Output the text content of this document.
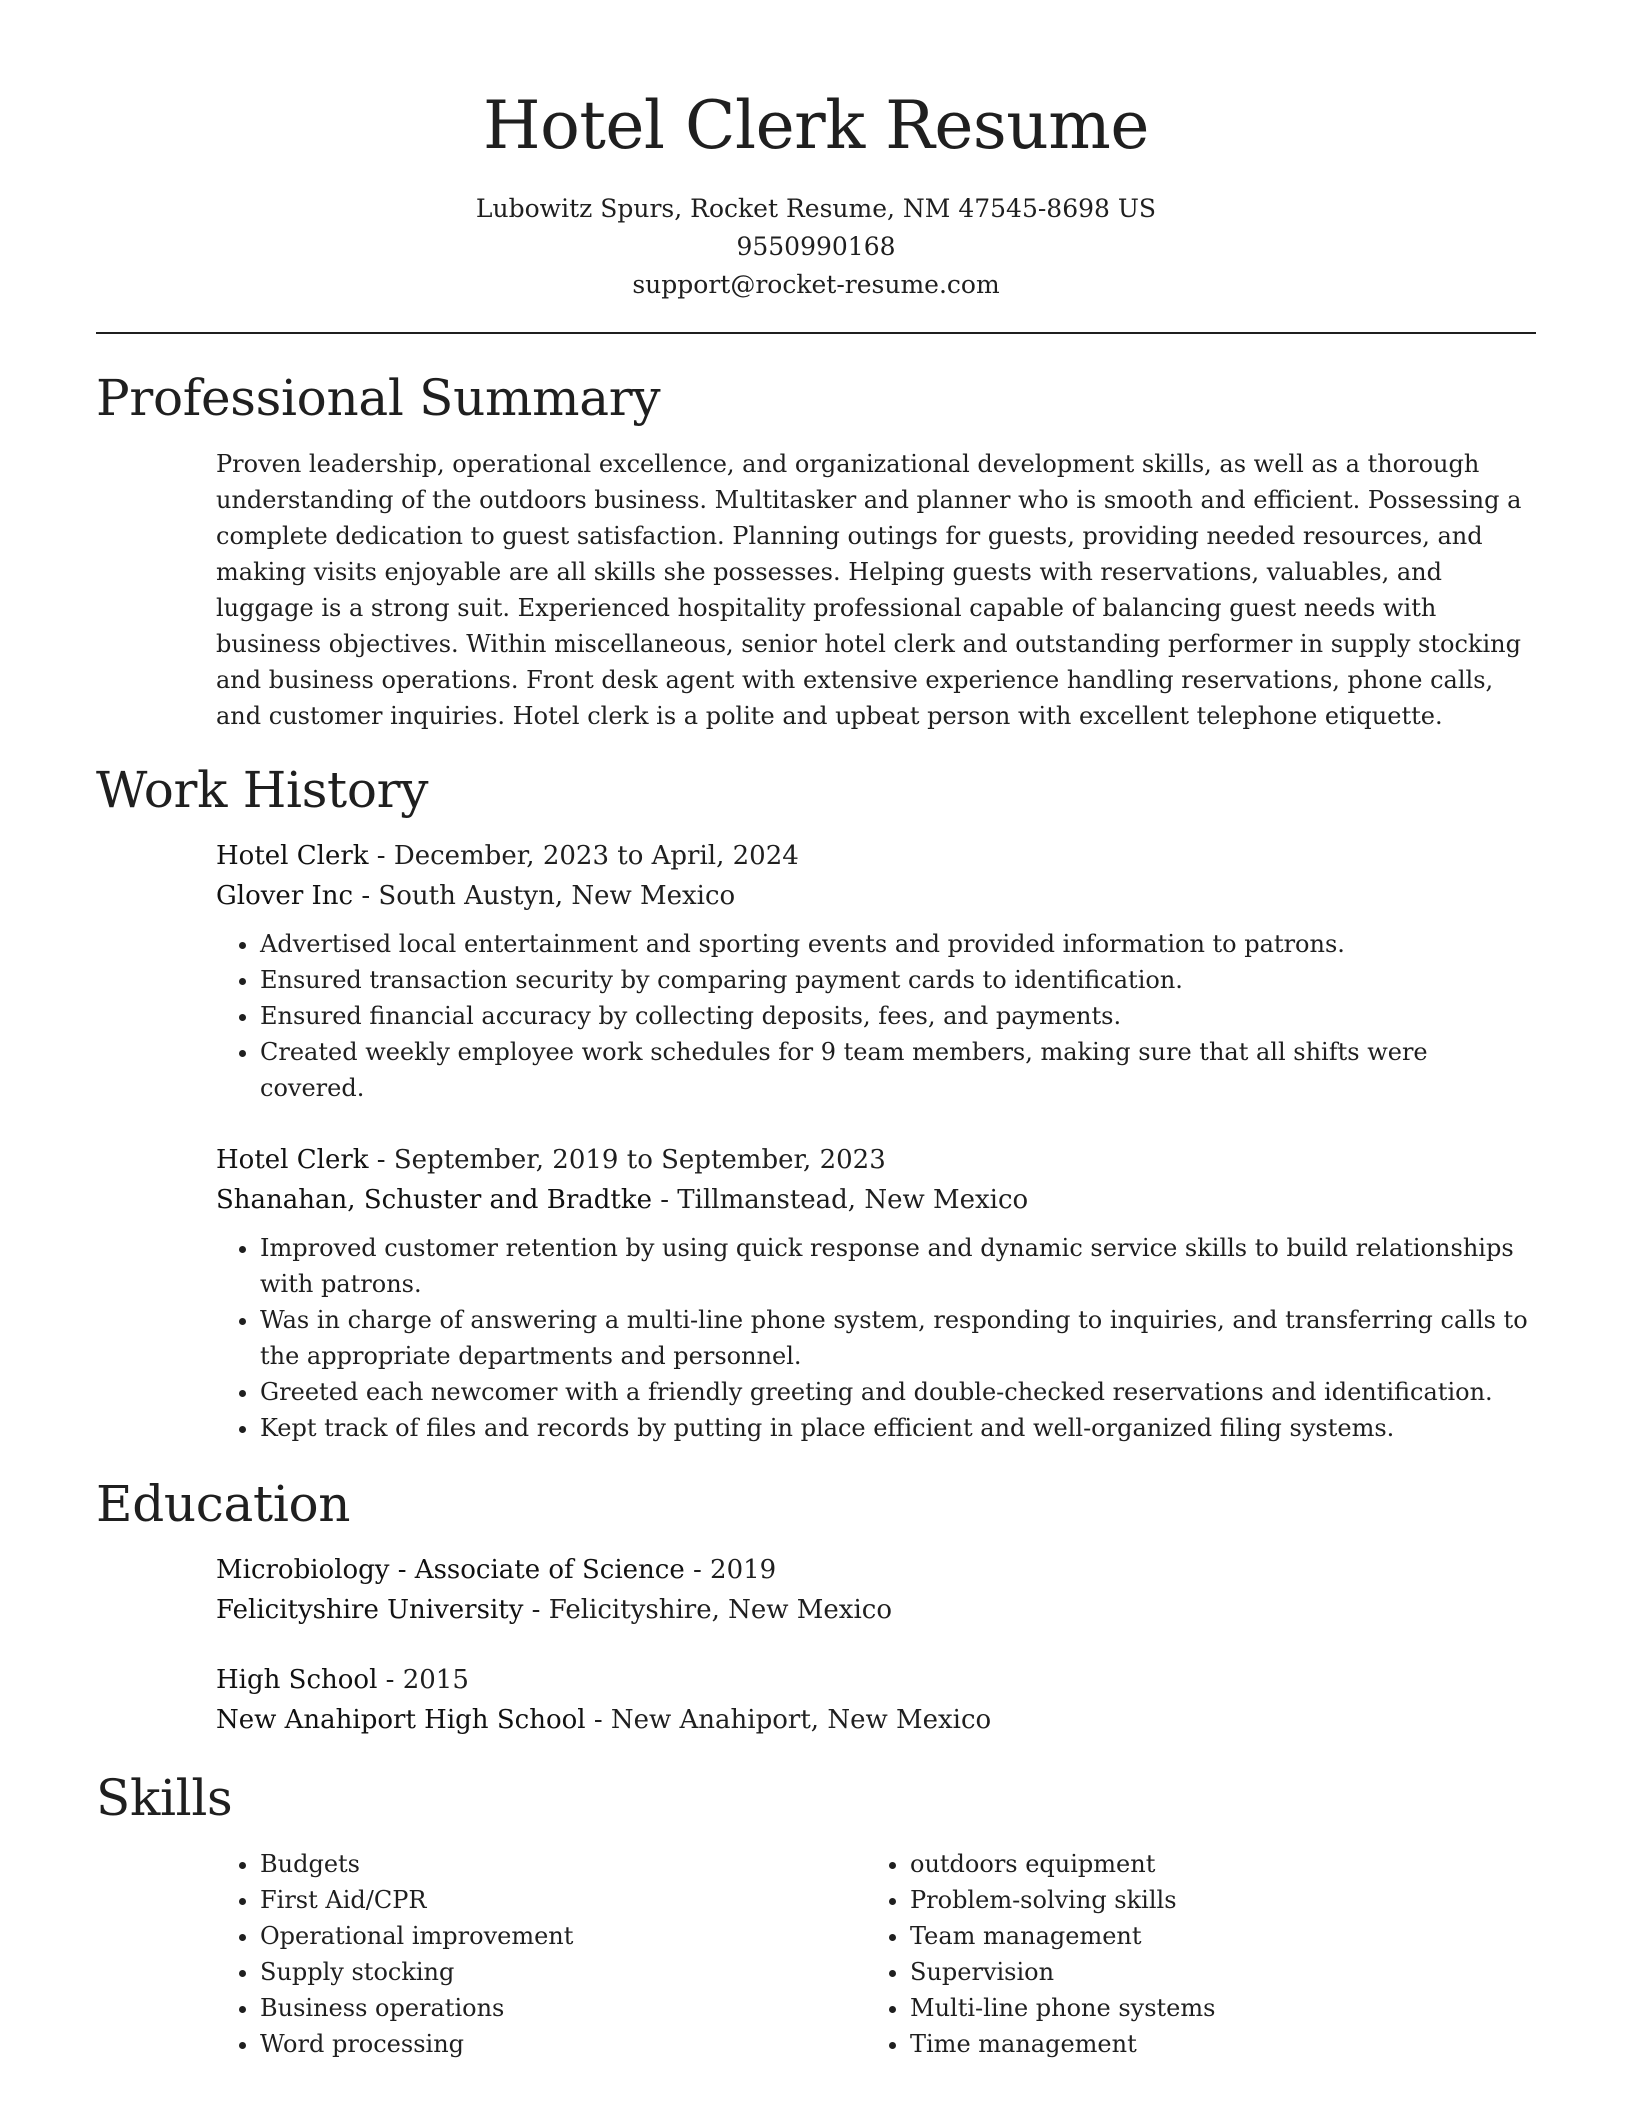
Hotel Clerk Resume
Lubowitz Spurs, Rocket Resume, NM 47545-8698 US
9550990168
support@rocket-resume.com
Professional Summary

Proven leadership, operational excellence, and organizational development skills, as well as a thorough understanding of the outdoors business. Multitasker and planner who is smooth and efficient. Possessing a complete dedication to guest satisfaction. Planning outings for guests, providing needed resources, and making visits enjoyable are all skills she possesses. Helping guests with reservations, valuables, and luggage is a strong suit. Experienced hospitality professional capable of balancing guest needs with business objectives. Within miscellaneous, senior hotel clerk and outstanding performer in supply stocking and business operations. Front desk agent with extensive experience handling reservations, phone calls, and customer inquiries. Hotel clerk is a polite and upbeat person with excellent telephone etiquette.

Work History
Hotel Clerk - December, 2023 to April, 2024
Glover Inc - South Austyn, New Mexico
• Advertised local entertainment and sporting events and provided information to patrons.
• Ensured transaction security by comparing payment cards to identification.
• Ensured financial accuracy by collecting deposits, fees, and payments.
• Created weekly employee work schedules for 9 team members, making sure that all shifts were covered.
Hotel Clerk - September, 2019 to September, 2023
Shanahan, Schuster and Bradtke - Tillmanstead, New Mexico
• Improved customer retention by using quick response and dynamic service skills to build relationships with patrons.
• Was in charge of answering a multi-line phone system, responding to inquiries, and transferring calls to the appropriate departments and personnel.
• Greeted each newcomer with a friendly greeting and double-checked reservations and identification.
• Kept track of files and records by putting in place efficient and well-organized filing systems.
Education
Microbiology - Associate of Science - 2019
Felicityshire University - Felicityshire, New Mexico
High School - 2015
New Anahiport High School - New Anahiport, New Mexico
Skills
• Budgets
• First Aid/CPR
• Operational improvement
• Supply stocking
• Business operations
• Word processing
• outdoors equipment
• Problem-solving skills
• Team management
• Supervision
• Multi-line phone systems
• Time management
